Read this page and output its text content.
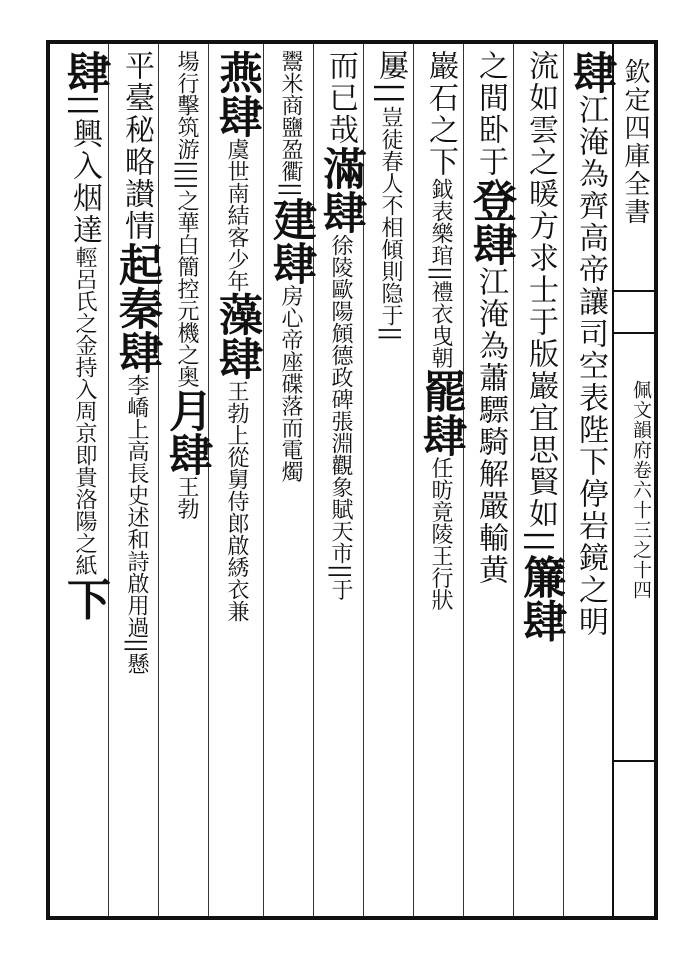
欽定四庫全書
佩文韻府卷六十三之十四
肆江淹為齊高帝讓司空表陛下停岩鏡之明
流如雲之暖方求士于版巖宜思賢如||簾肆
之間卧于登肆江淹為蕭驃騎解嚴輸黄
巖石之下鉞表樂琯||禮衣曳朝罷肆任昉竟陵王行狀
屢||豈徒春人不相傾則隐于||
而已哉滿肆徐陵歐陽頠德政碑張淵觀象賦天市||于
鬻米商鹽盈衢||建肆房心帝座碟落而電燭
燕肆虞世南結客少年藻肆王勃上從舅侍郎啟綉衣兼
場行擊筑游||||之華白簡控元機之奥月肆王勃
平臺秘略讃情起秦肆李嶠上高長史述和詩啟用過||懸
肆||興入烟達輕呂氏之金持入周京即貴洛陽之紙下
